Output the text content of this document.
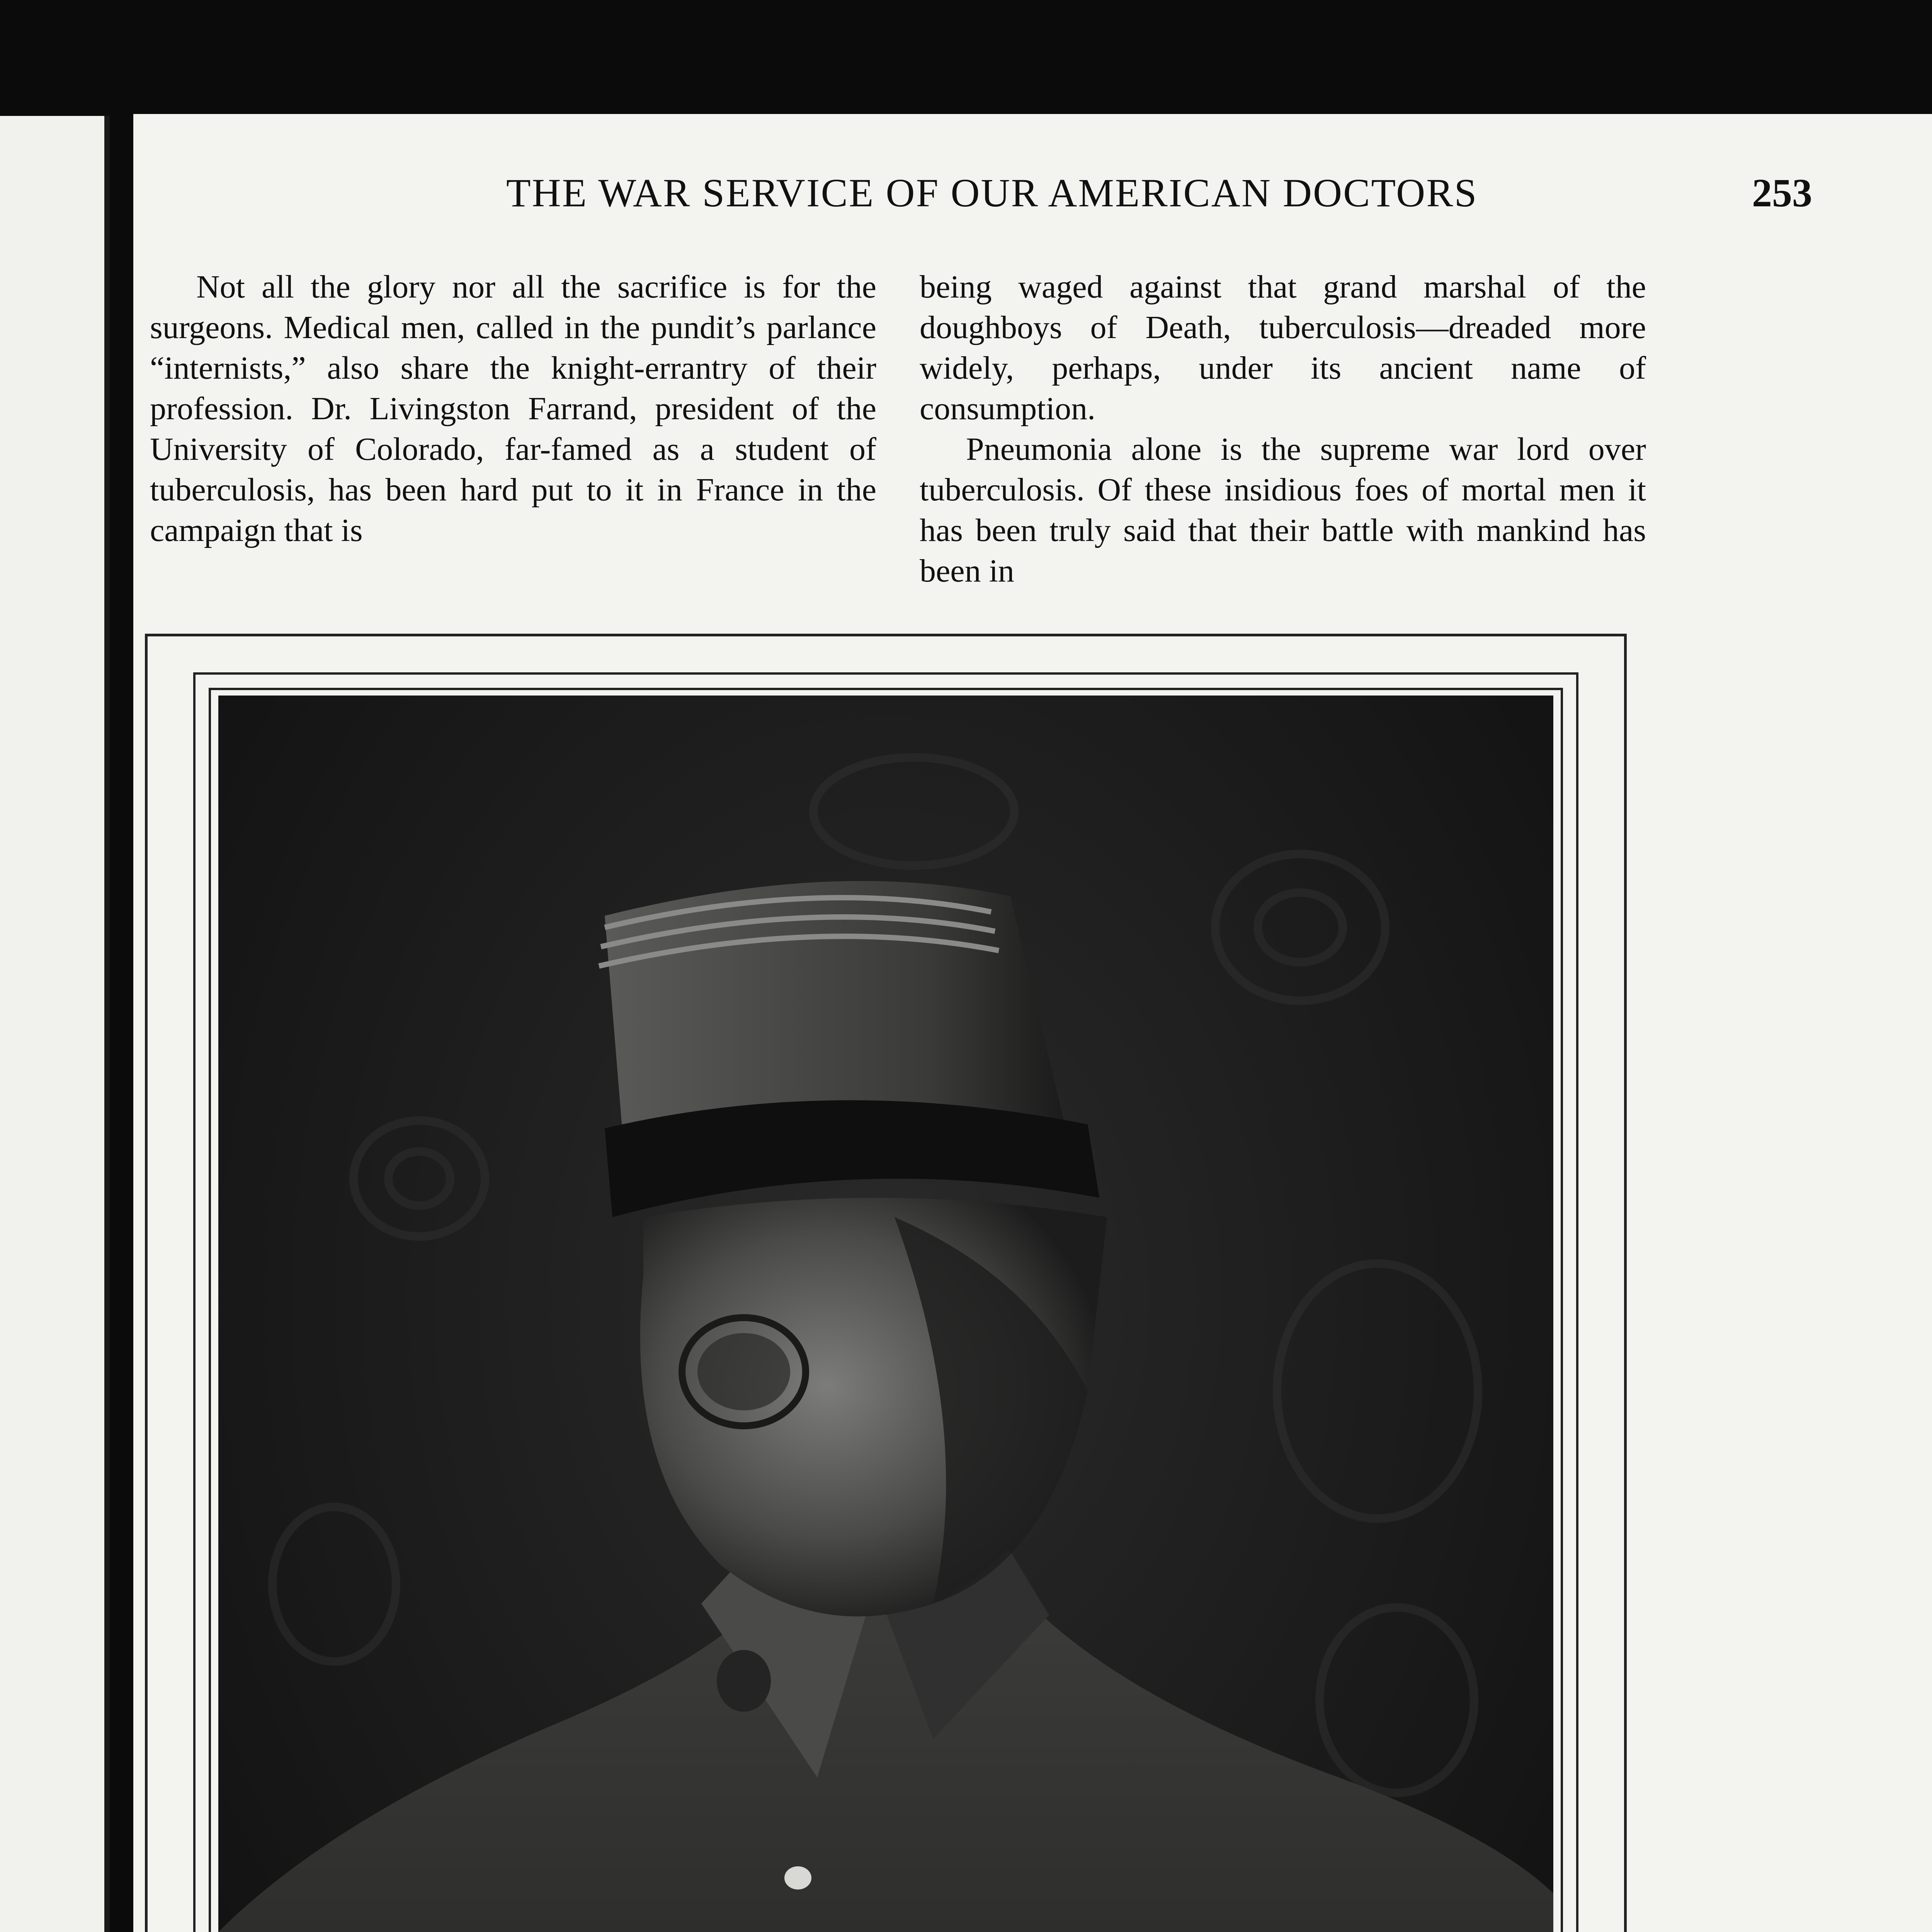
THE WAR SERVICE OF OUR AMERICAN DOCTORS	253

Not all the glory nor all the sacrifice is for the surgeons. Medical men, called in the pundit’s parlance “internists,” also share the knight-errantry of their profession. Dr. Livingston Farrand, president of the University of Colorado, far-famed as a student of tuberculosis, has been hard put to it in France in the campaign that is

being waged against that grand marshal of the doughboys of Death, tuberculosis—dreaded more widely, perhaps, under its ancient name of consumption.

Pneumonia alone is the supreme war lord over tuberculosis. Of these insidious foes of mortal men it has been truly said that their battle with mankind has been in
